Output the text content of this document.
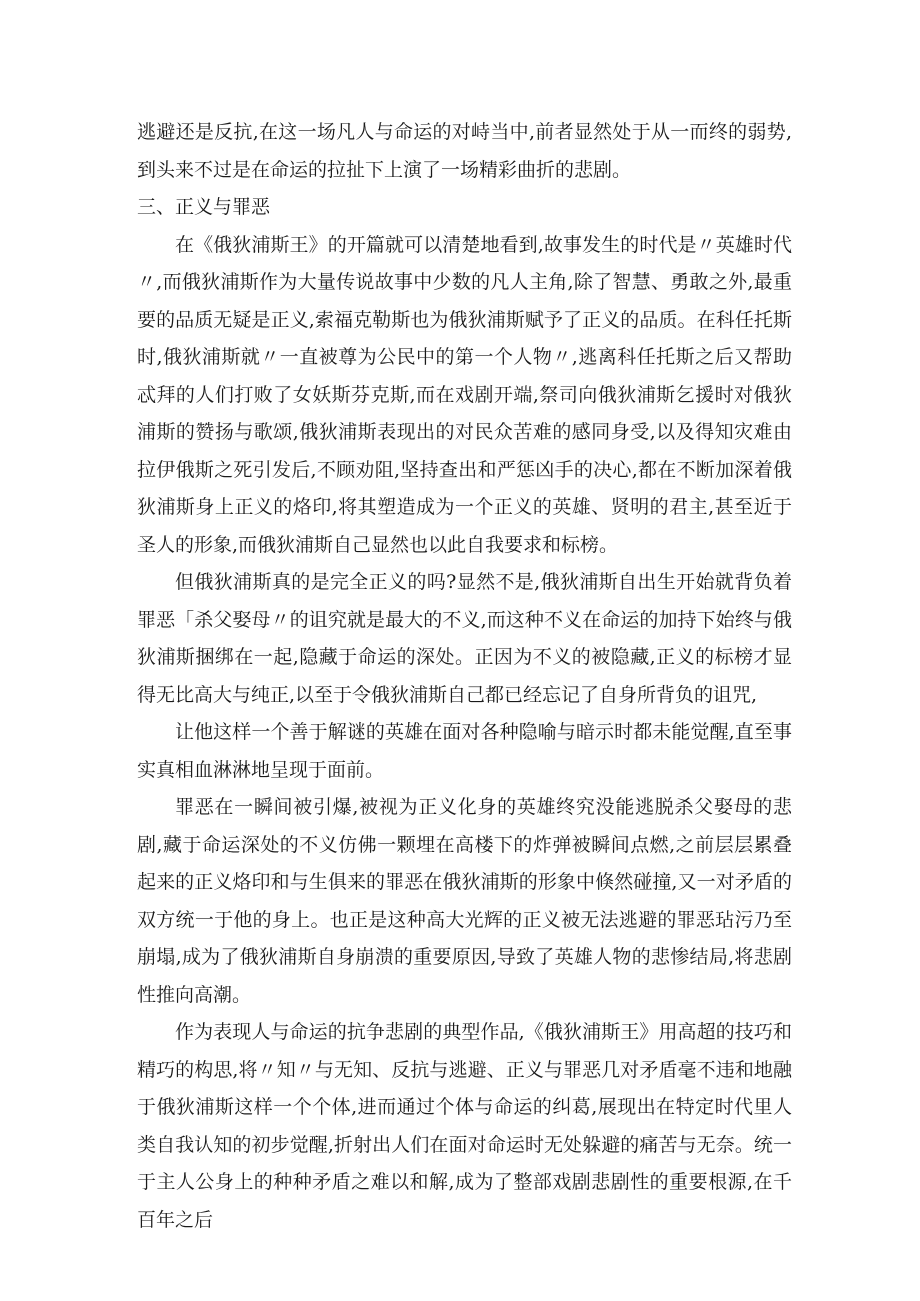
逃避还是反抗,在这一场凡人与命运的对峙当中,前者显然处于从一而终的弱势,到头来不过是在命运的拉扯下上演了一场精彩曲折的悲剧。

三、正义与罪恶

在《俄狄浦斯王》的开篇就可以清楚地看到,故事发生的时代是〃英雄时代〃,而俄狄浦斯作为大量传说故事中少数的凡人主角,除了智慧、勇敢之外,最重要的品质无疑是正义,索福克勒斯也为俄狄浦斯赋予了正义的品质。在科任托斯时,俄狄浦斯就〃一直被尊为公民中的第一个人物〃,逃离科任托斯之后又帮助忒拜的人们打败了女妖斯芬克斯,而在戏剧开端,祭司向俄狄浦斯乞援时对俄狄浦斯的赞扬与歌颂,俄狄浦斯表现出的对民众苦难的感同身受,以及得知灾难由拉伊俄斯之死引发后,不顾劝阻,坚持查出和严惩凶手的决心,都在不断加深着俄狄浦斯身上正义的烙印,将其塑造成为一个正义的英雄、贤明的君主,甚至近于圣人的形象,而俄狄浦斯自己显然也以此自我要求和标榜。

但俄狄浦斯真的是完全正义的吗?显然不是,俄狄浦斯自出生开始就背负着罪恶「杀父娶母〃的诅究就是最大的不义,而这种不义在命运的加持下始终与俄狄浦斯捆绑在一起,隐藏于命运的深处。正因为不义的被隐藏,正义的标榜才显得无比高大与纯正,以至于令俄狄浦斯自己都已经忘记了自身所背负的诅咒,

让他这样一个善于解谜的英雄在面对各种隐喻与暗示时都未能觉醒,直至事实真相血淋淋地呈现于面前。

罪恶在一瞬间被引爆,被视为正义化身的英雄终究没能逃脱杀父娶母的悲剧,藏于命运深处的不义仿佛一颗埋在高楼下的炸弹被瞬间点燃,之前层层累叠起来的正义烙印和与生俱来的罪恶在俄狄浦斯的形象中倏然碰撞,又一对矛盾的双方统一于他的身上。也正是这种高大光辉的正义被无法逃避的罪恶玷污乃至崩塌,成为了俄狄浦斯自身崩溃的重要原因,导致了英雄人物的悲惨结局,将悲剧性推向高潮。

作为表现人与命运的抗争悲剧的典型作品,《俄狄浦斯王》用高超的技巧和精巧的构思,将〃知〃与无知、反抗与逃避、正义与罪恶几对矛盾毫不违和地融于俄狄浦斯这样一个个体,进而通过个体与命运的纠葛,展现出在特定时代里人类自我认知的初步觉醒,折射出人们在面对命运时无处躲避的痛苦与无奈。统一于主人公身上的种种矛盾之难以和解,成为了整部戏剧悲剧性的重要根源,在千百年之后
